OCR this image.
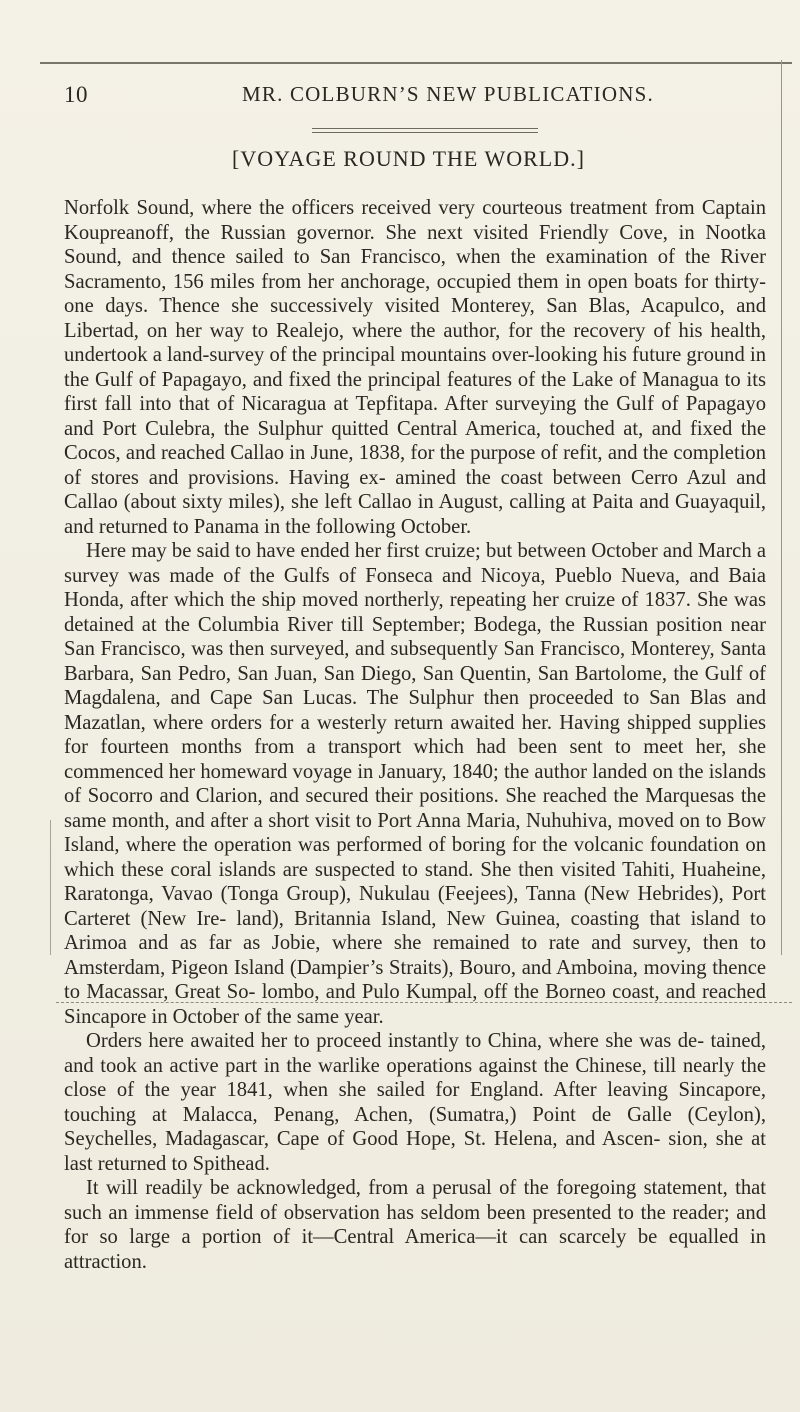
10	MR. COLBURN’S NEW PUBLICATIONS.
[VOYAGE ROUND THE WORLD.]

Norfolk Sound, where the officers received very courteous treatment from Captain Koupreanoff, the Russian governor. She next visited Friendly Cove, in Nootka Sound, and thence sailed to San Francisco, when the examination of the River Sacramento, 156 miles from her anchorage, occupied them in open boats for thirty-one days. Thence she successively visited Monterey, San Blas, Acapulco, and Libertad, on her way to Realejo, where the author, for the recovery of his health, undertook a land-survey of the principal mountains over-looking his future ground in the Gulf of Papagayo, and fixed the principal features of the Lake of Managua to its first fall into that of Nicaragua at Tepfitapa. After surveying the Gulf of Papagayo and Port Culebra, the Sulphur quitted Central America, touched at, and fixed the Cocos, and reached Callao in June, 1838, for the purpose of refit, and the completion of stores and provisions. Having ex- amined the coast between Cerro Azul and Callao (about sixty miles), she left Callao in August, calling at Paita and Guayaquil, and returned to Panama in the following October.

Here may be said to have ended her first cruize; but between October and March a survey was made of the Gulfs of Fonseca and Nicoya, Pueblo Nueva, and Baia Honda, after which the ship moved northerly, repeating her cruize of 1837. She was detained at the Columbia River till September; Bodega, the Russian position near San Francisco, was then surveyed, and subsequently San Francisco, Monterey, Santa Barbara, San Pedro, San Juan, San Diego, San Quentin, San Bartolome, the Gulf of Magdalena, and Cape San Lucas. The Sulphur then proceeded to San Blas and Mazatlan, where orders for a westerly return awaited her. Having shipped supplies for fourteen months from a transport which had been sent to meet her, she commenced her homeward voyage in January, 1840; the author landed on the islands of Socorro and Clarion, and secured their positions. She reached the Marquesas the same month, and after a short visit to Port Anna Maria, Nuhuhiva, moved on to Bow Island, where the operation was performed of boring for the volcanic foundation on which these coral islands are suspected to stand. She then visited Tahiti, Huaheine, Raratonga, Vavao (Tonga Group), Nukulau (Feejees), Tanna (New Hebrides), Port Carteret (New Ire- land), Britannia Island, New Guinea, coasting that island to Arimoa and as far as Jobie, where she remained to rate and survey, then to Amsterdam, Pigeon Island (Dampier’s Straits), Bouro, and Amboina, moving thence to Macassar, Great So- lombo, and Pulo Kumpal, off the Borneo coast, and reached Sincapore in October of the same year.

Orders here awaited her to proceed instantly to China, where she was de- tained, and took an active part in the warlike operations against the Chinese, till nearly the close of the year 1841, when she sailed for England. After leaving Sincapore, touching at Malacca, Penang, Achen, (Sumatra,) Point de Galle (Ceylon), Seychelles, Madagascar, Cape of Good Hope, St. Helena, and Ascen- sion, she at last returned to Spithead.

It will readily be acknowledged, from a perusal of the foregoing statement, that such an immense field of observation has seldom been presented to the reader; and for so large a portion of it—Central America—it can scarcely be equalled in attraction.
